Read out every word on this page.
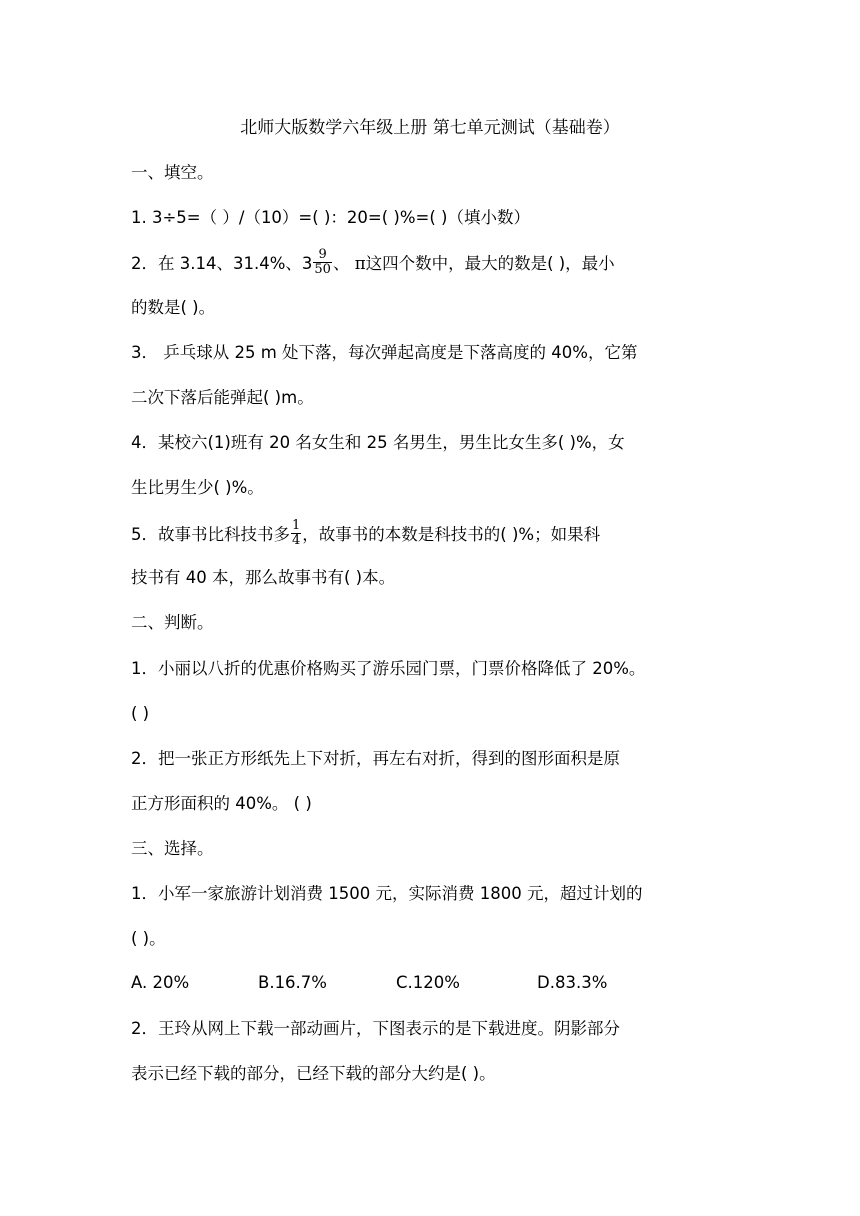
北师大版数学六年级上册 第七单元测试（基础卷）
一、填空。
1. 3÷5=（ ）/（10）=( )：20=( )%=( )（填小数）
2．在 3.14、31.4%、$3 \frac{9}{50}$ 、 π这四个数中，最大的数是( )，最小
的数是( )。
3． 乒乓球从 25 m 处下落，每次弹起高度是下落高度的 40%，它第
二次下落后能弹起( )m。
4．某校六(1)班有 20 名女生和 25 名男生，男生比女生多( )%，女
生比男生少( )%。
5．故事书比科技书多 $\frac{1}{4}$ ，故事书的本数是科技书的( )%；如果科
技书有 40 本，那么故事书有( )本。
二、判断。
1．小丽以八折的优惠价格购买了游乐园门票，门票价格降低了 20%。
( )
2．把一张正方形纸先上下对折，再左右对折，得到的图形面积是原
正方形面积的 40%。 ( )
三、选择。
1．小军一家旅游计划消费 1500 元，实际消费 1800 元，超过计划的
( )。
A. 20%	B.16.7%	C.120%	D.83.3%
2．王玲从网上下载一部动画片，下图表示的是下载进度。阴影部分
表示已经下载的部分，已经下载的部分大约是( )。
